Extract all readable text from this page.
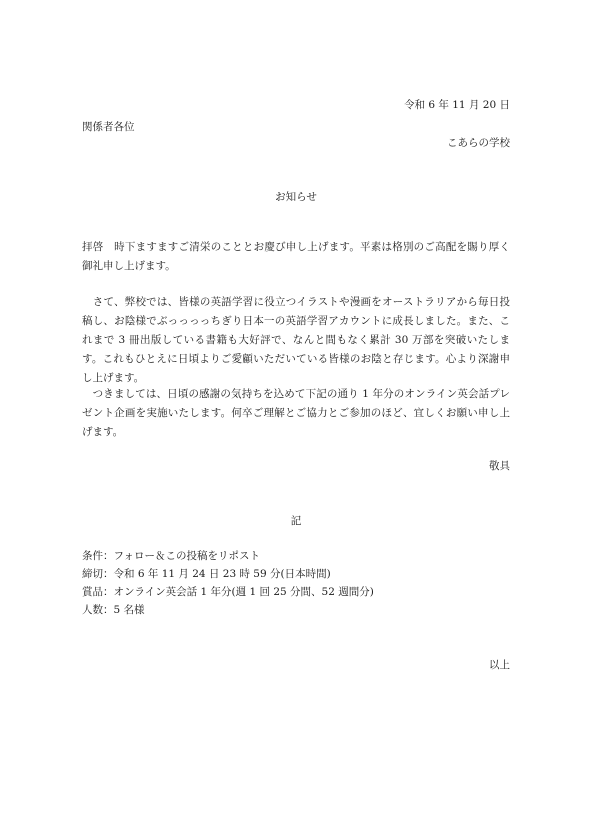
令和 6 年 11 月 20 日
関係者各位
こあらの学校
お知らせ
拝啓　時下ますますご清栄のこととお慶び申し上げます。平素は格別のご高配を賜り厚く御礼申し上げます。
　さて、弊校では、皆様の英語学習に役立つイラストや漫画をオーストラリアから毎日投稿し、お陰様でぶっっっっちぎり日本一の英語学習アカウントに成長しました。また、これまで 3 冊出版している書籍も大好評で、なんと間もなく累計 30 万部を突破いたします。これもひとえに日頃よりご愛顧いただいている皆様のお陰と存じます。心より深謝申し上げます。
　つきましては、日頃の感謝の気持ちを込めて下記の通り 1 年分のオンライン英会話プレゼント企画を実施いたします。何卒ご理解とご協力とご参加のほど、宜しくお願い申し上げます。
敬具
記
条件：フォロー＆この投稿をリポスト
締切：令和 6 年 11 月 24 日 23 時 59 分(日本時間)
賞品：オンライン英会話 1 年分(週 1 回 25 分間、52 週間分)
人数：5 名様
以上
